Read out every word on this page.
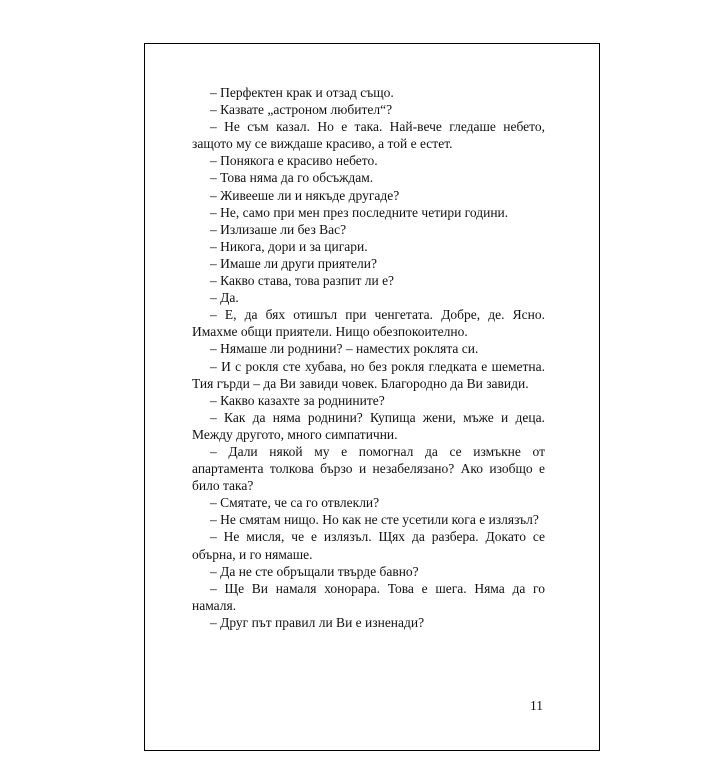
– Перфектен крак и отзад също.

– Казвате „астроном любител“?

– Не съм казал. Но е така. Най-вече гледаше небето, защото му се виждаше красиво, а той е естет.

– Понякога е красиво небето.

– Това няма да го обсъждам.

– Живееше ли и някъде другаде?

– Не, само при мен през последните четири години.

– Излизаше ли без Вас?

– Никога, дори и за цигари.

– Имаше ли други приятели?

– Какво става, това разпит ли е?

– Да.

– Е, да бях отишъл при ченгетата. Добре, де. Ясно. Имахме общи приятели. Нищо обезпокоително.

– Нямаше ли роднини? – наместих роклята си.

– И с рокля сте хубава, но без рокля гледката е шеметна. Тия гърди – да Ви завиди човек. Благородно да Ви завиди.

– Какво казахте за роднините?

– Как да няма роднини? Купища жени, мъже и деца. Между другото, много симпатични.

– Дали някой му е помогнал да се измъкне от апартамента толкова бързо и незабелязано? Ако изобщо е било така?

– Смятате, че са го отвлекли?

– Не смятам нищо. Но как не сте усетили кога е излязъл?

– Не мисля, че е излязъл. Щях да разбера. Докато се обърна, и го нямаше.

– Да не сте обръщали твърде бавно?

– Ще Ви намаля хонорара. Това е шега. Няма да го намаля.

– Друг път правил ли Ви е изненади?

11
